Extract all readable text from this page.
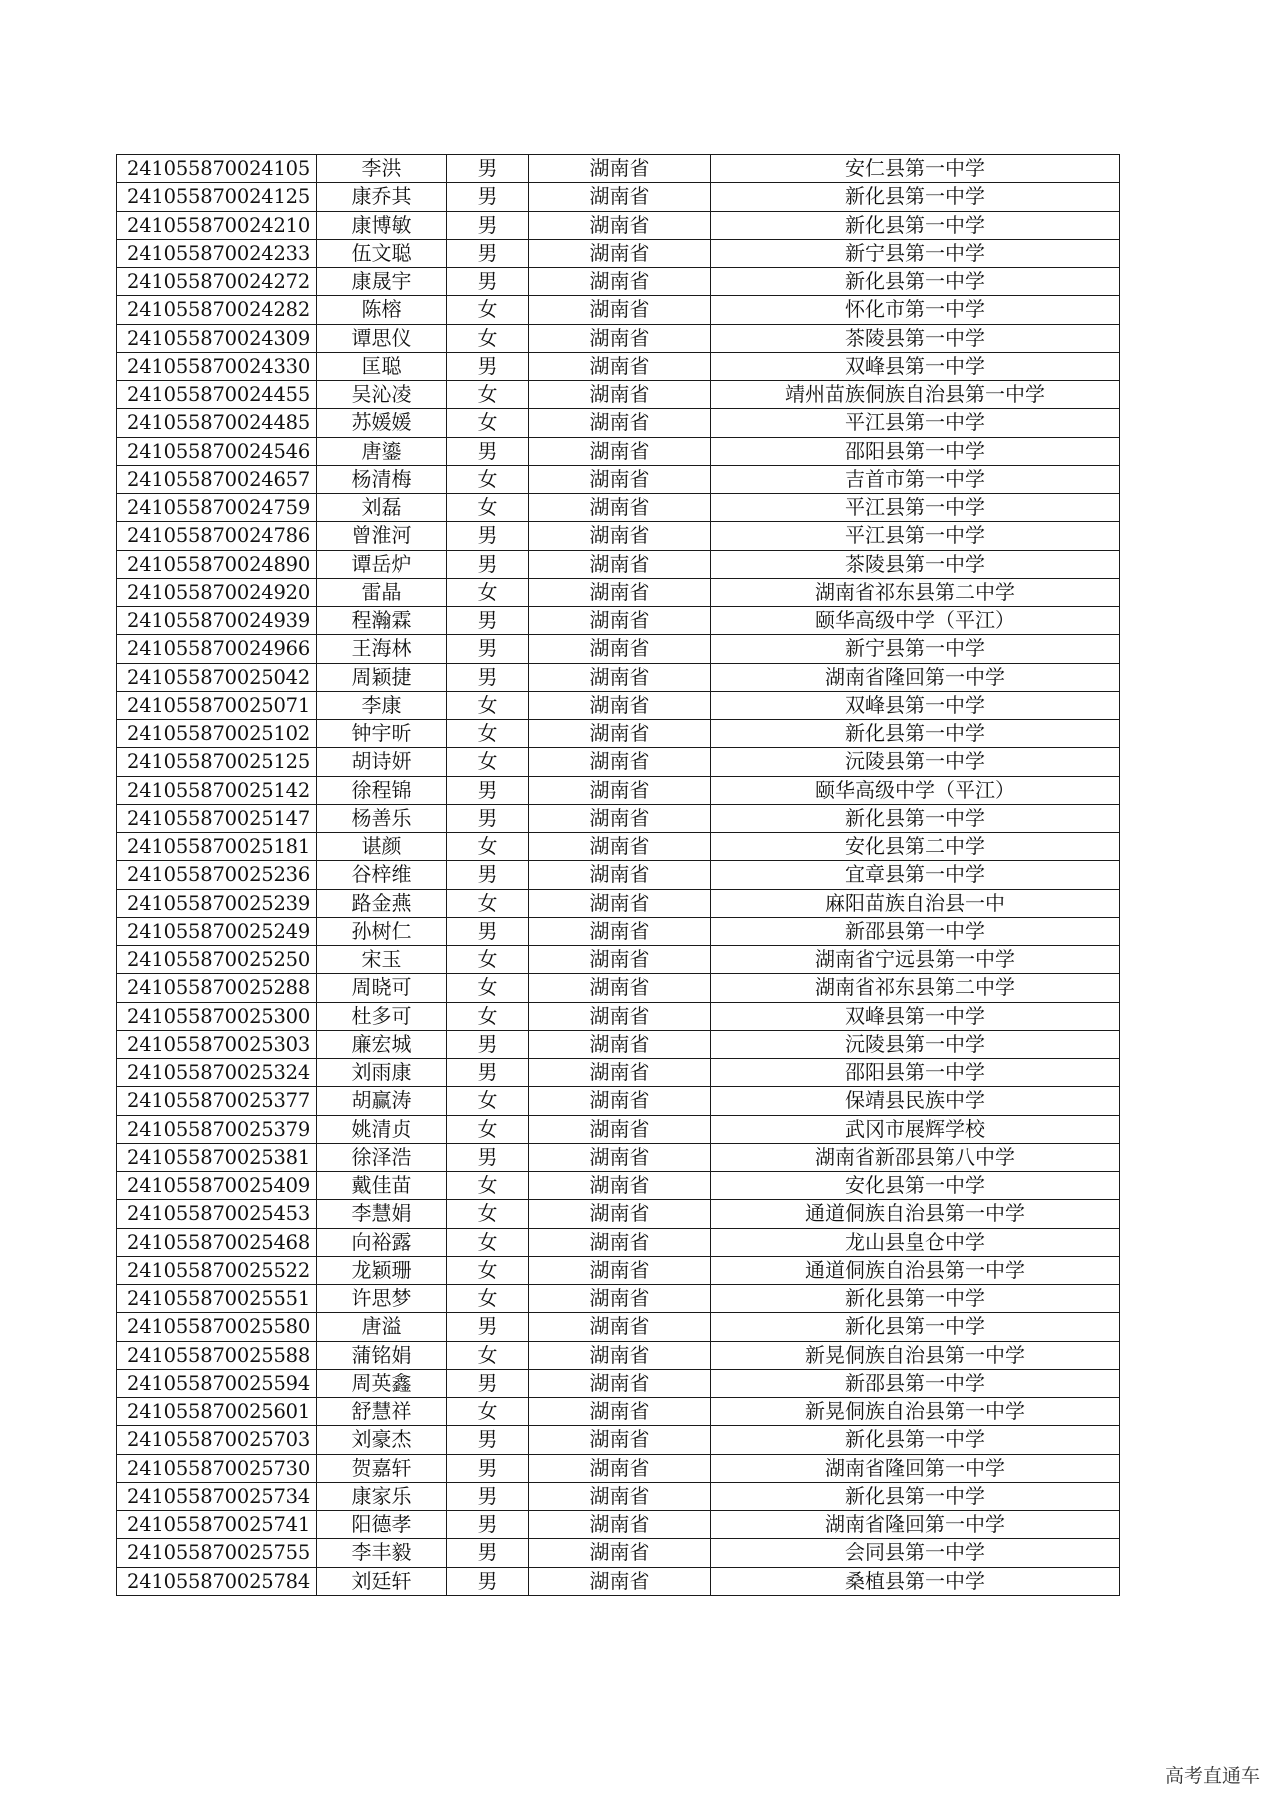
241055870024105	李洪	男	湖南省	安仁县第一中学
241055870024125	康乔其	男	湖南省	新化县第一中学
241055870024210	康博敏	男	湖南省	新化县第一中学
241055870024233	伍文聪	男	湖南省	新宁县第一中学
241055870024272	康晟宇	男	湖南省	新化县第一中学
241055870024282	陈榕	女	湖南省	怀化市第一中学
241055870024309	谭思仪	女	湖南省	茶陵县第一中学
241055870024330	匡聪	男	湖南省	双峰县第一中学
241055870024455	吴沁凌	女	湖南省	靖州苗族侗族自治县第一中学
241055870024485	苏媛媛	女	湖南省	平江县第一中学
241055870024546	唐鎏	男	湖南省	邵阳县第一中学
241055870024657	杨清梅	女	湖南省	吉首市第一中学
241055870024759	刘磊	女	湖南省	平江县第一中学
241055870024786	曾淮河	男	湖南省	平江县第一中学
241055870024890	谭岳炉	男	湖南省	茶陵县第一中学
241055870024920	雷晶	女	湖南省	湖南省祁东县第二中学
241055870024939	程瀚霖	男	湖南省	颐华高级中学（平江）
241055870024966	王海林	男	湖南省	新宁县第一中学
241055870025042	周颖捷	男	湖南省	湖南省隆回第一中学
241055870025071	李康	女	湖南省	双峰县第一中学
241055870025102	钟宇昕	女	湖南省	新化县第一中学
241055870025125	胡诗妍	女	湖南省	沅陵县第一中学
241055870025142	徐程锦	男	湖南省	颐华高级中学（平江）
241055870025147	杨善乐	男	湖南省	新化县第一中学
241055870025181	谌颜	女	湖南省	安化县第二中学
241055870025236	谷梓维	男	湖南省	宜章县第一中学
241055870025239	路金燕	女	湖南省	麻阳苗族自治县一中
241055870025249	孙树仁	男	湖南省	新邵县第一中学
241055870025250	宋玉	女	湖南省	湖南省宁远县第一中学
241055870025288	周晓可	女	湖南省	湖南省祁东县第二中学
241055870025300	杜多可	女	湖南省	双峰县第一中学
241055870025303	廉宏城	男	湖南省	沅陵县第一中学
241055870025324	刘雨康	男	湖南省	邵阳县第一中学
241055870025377	胡赢涛	女	湖南省	保靖县民族中学
241055870025379	姚清贞	女	湖南省	武冈市展辉学校
241055870025381	徐泽浩	男	湖南省	湖南省新邵县第八中学
241055870025409	戴佳苗	女	湖南省	安化县第一中学
241055870025453	李慧娟	女	湖南省	通道侗族自治县第一中学
241055870025468	向裕露	女	湖南省	龙山县皇仓中学
241055870025522	龙颖珊	女	湖南省	通道侗族自治县第一中学
241055870025551	许思梦	女	湖南省	新化县第一中学
241055870025580	唐溢	男	湖南省	新化县第一中学
241055870025588	蒲铭娟	女	湖南省	新晃侗族自治县第一中学
241055870025594	周英鑫	男	湖南省	新邵县第一中学
241055870025601	舒慧祥	女	湖南省	新晃侗族自治县第一中学
241055870025703	刘豪杰	男	湖南省	新化县第一中学
241055870025730	贺嘉轩	男	湖南省	湖南省隆回第一中学
241055870025734	康家乐	男	湖南省	新化县第一中学
241055870025741	阳德孝	男	湖南省	湖南省隆回第一中学
241055870025755	李丰毅	男	湖南省	会同县第一中学
241055870025784	刘廷轩	男	湖南省	桑植县第一中学
高考直通车
